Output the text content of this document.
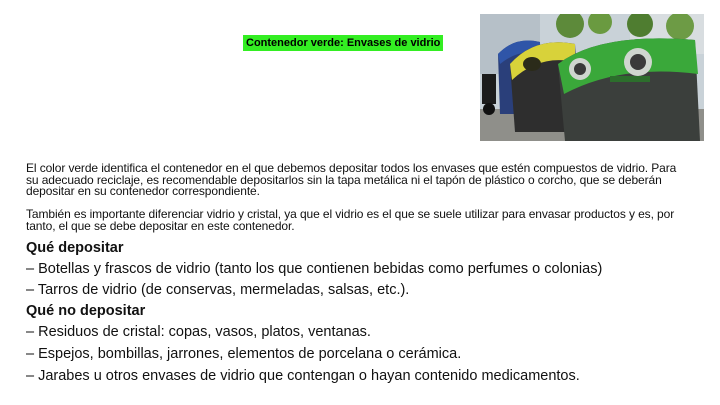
Contenedor verde: Envases de vidrio
El color verde identifica el contenedor en el que debemos depositar todos los envases que estén compuestos de vidrio. Para su adecuado reciclaje, es recomendable depositarlos sin la tapa metálica ni el tapón de plástico o corcho, que se deberán depositar en su contenedor correspondiente.
También es importante diferenciar vidrio y cristal, ya que el vidrio es el que se suele utilizar para envasar productos y es, por tanto, el que se debe depositar en este contenedor.
Qué depositar
– Botellas y frascos de vidrio (tanto los que contienen bebidas como perfumes o colonias)
– Tarros de vidrio (de conservas, mermeladas, salsas, etc.).
Qué no depositar
– Residuos de cristal: copas, vasos, platos, ventanas.
– Espejos, bombillas, jarrones, elementos de porcelana o cerámica.
– Jarabes u otros envases de vidrio que contengan o hayan contenido medicamentos.
